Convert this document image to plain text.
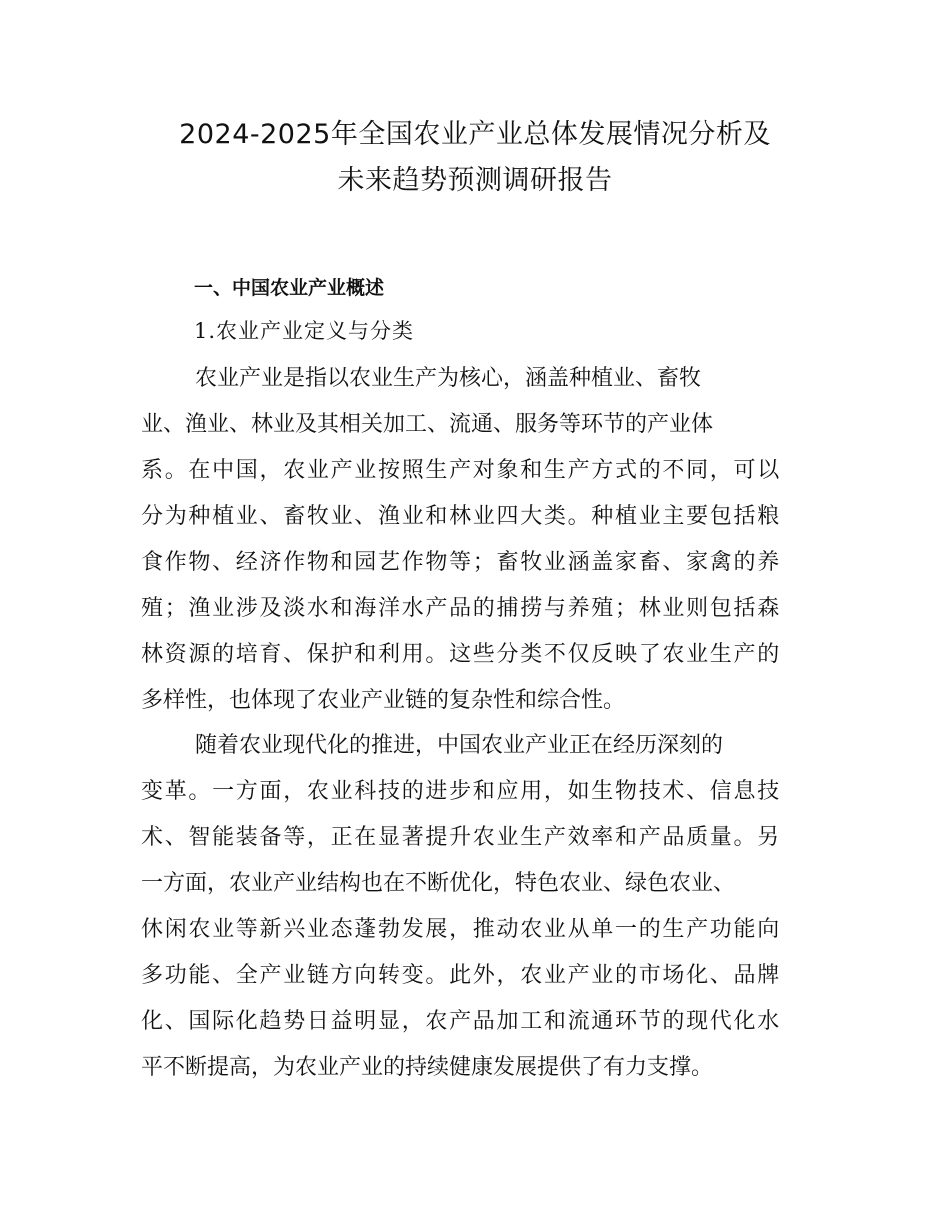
2024-2025年全国农业产业总体发展情况分析及
未来趋势预测调研报告
一、中国农业产业概述
1.农业产业定义与分类
农业产业是指以农业生产为核心，涵盖种植业、畜牧
业、渔业、林业及其相关加工、流通、服务等环节的产业体
系。在中国，农业产业按照生产对象和生产方式的不同，可以
分为种植业、畜牧业、渔业和林业四大类。种植业主要包括粮
食作物、经济作物和园艺作物等；畜牧业涵盖家畜、家禽的养
殖；渔业涉及淡水和海洋水产品的捕捞与养殖；林业则包括森
林资源的培育、保护和利用。这些分类不仅反映了农业生产的
多样性，也体现了农业产业链的复杂性和综合性。
随着农业现代化的推进，中国农业产业正在经历深刻的
变革。一方面，农业科技的进步和应用，如生物技术、信息技
术、智能装备等，正在显著提升农业生产效率和产品质量。另
一方面，农业产业结构也在不断优化，特色农业、绿色农业、
休闲农业等新兴业态蓬勃发展，推动农业从单一的生产功能向
多功能、全产业链方向转变。此外，农业产业的市场化、品牌
化、国际化趋势日益明显，农产品加工和流通环节的现代化水
平不断提高，为农业产业的持续健康发展提供了有力支撑。
